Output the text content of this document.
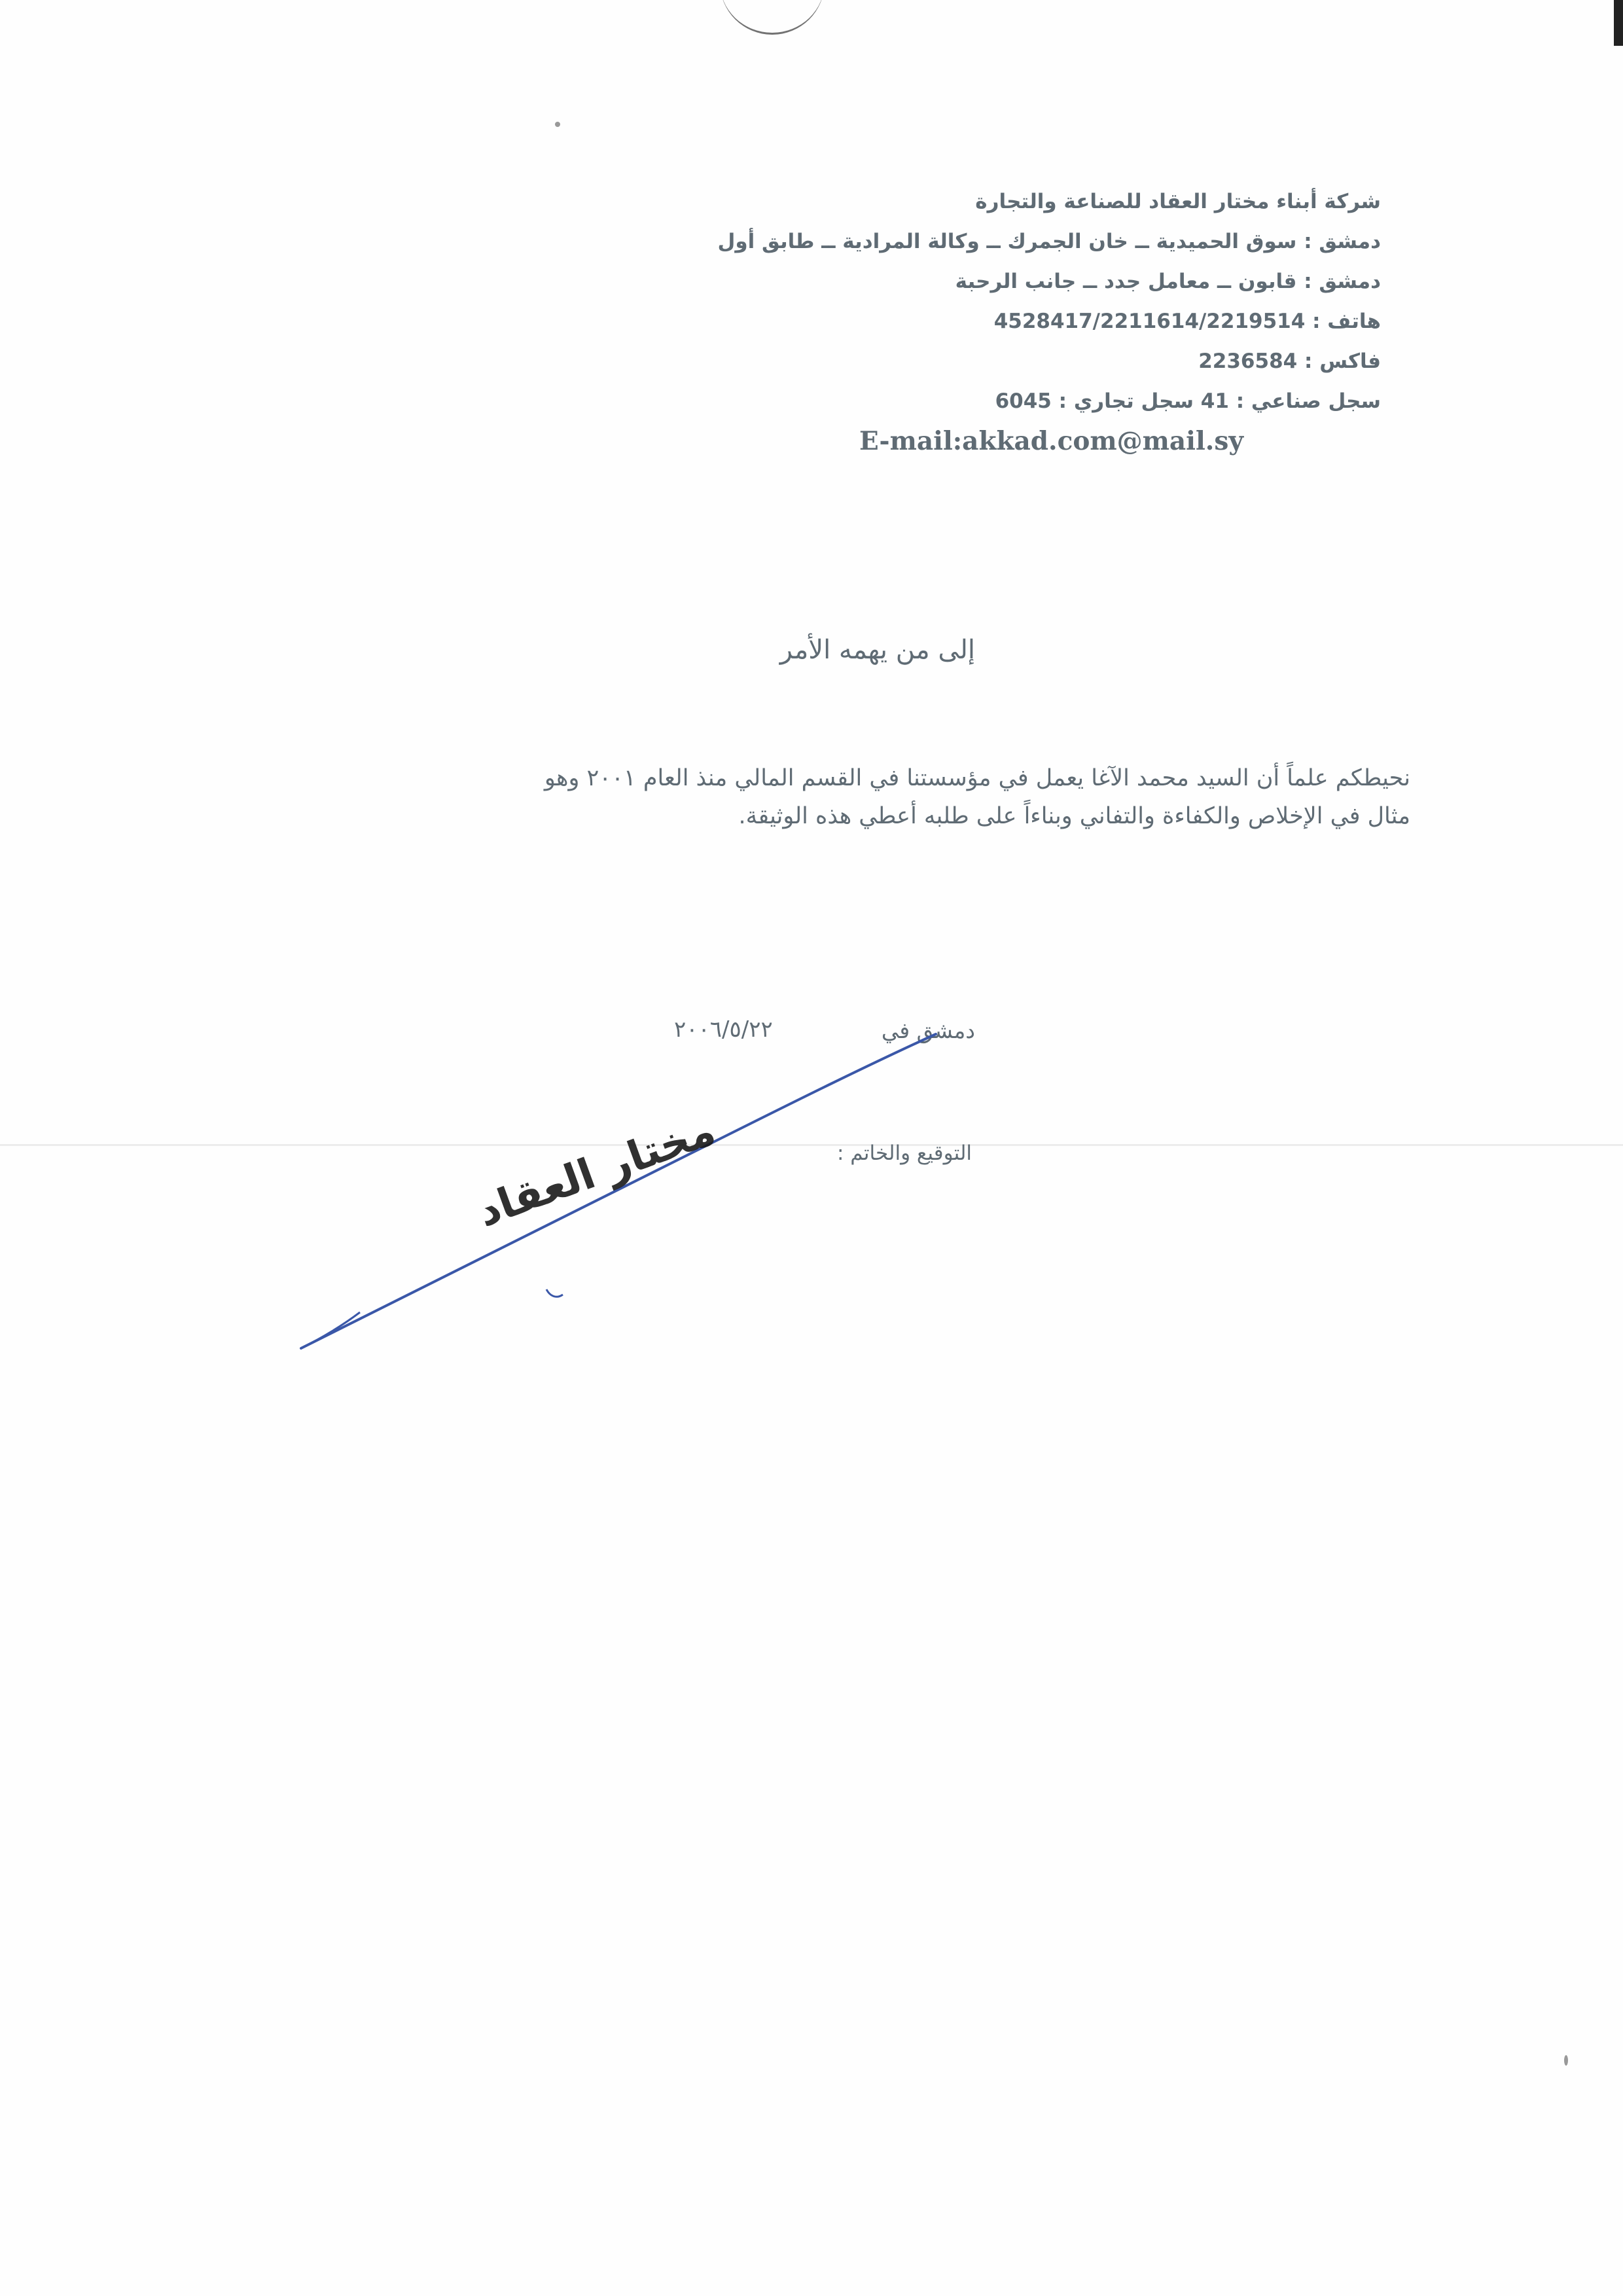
شركة أبناء مختار العقاد للصناعة والتجارة
دمشق : سوق الحميدية ــ خان الجمرك ــ وكالة المرادية ــ طابق أول
دمشق : قابون ــ معامل جدد ــ جانب الرحبة
هاتف : 4528417/2211614/2219514
فاكس : 2236584
سجل صناعي : 41 سجل تجاري : 6045
E-mail:akkad.com@mail.sy
إلى من يهمه الأمر
نحيطكم علماً أن السيد محمد الآغا يعمل في مؤسستنا في القسم المالي منذ العام ٢٠٠١ وهو
مثال في الإخلاص والكفاءة والتفاني وبناءاً على طلبه أعطي هذه الوثيقة.
دمشق في
٢٠٠٦/٥/٢٢
التوقيع والخاتم :
مختار العقاد
